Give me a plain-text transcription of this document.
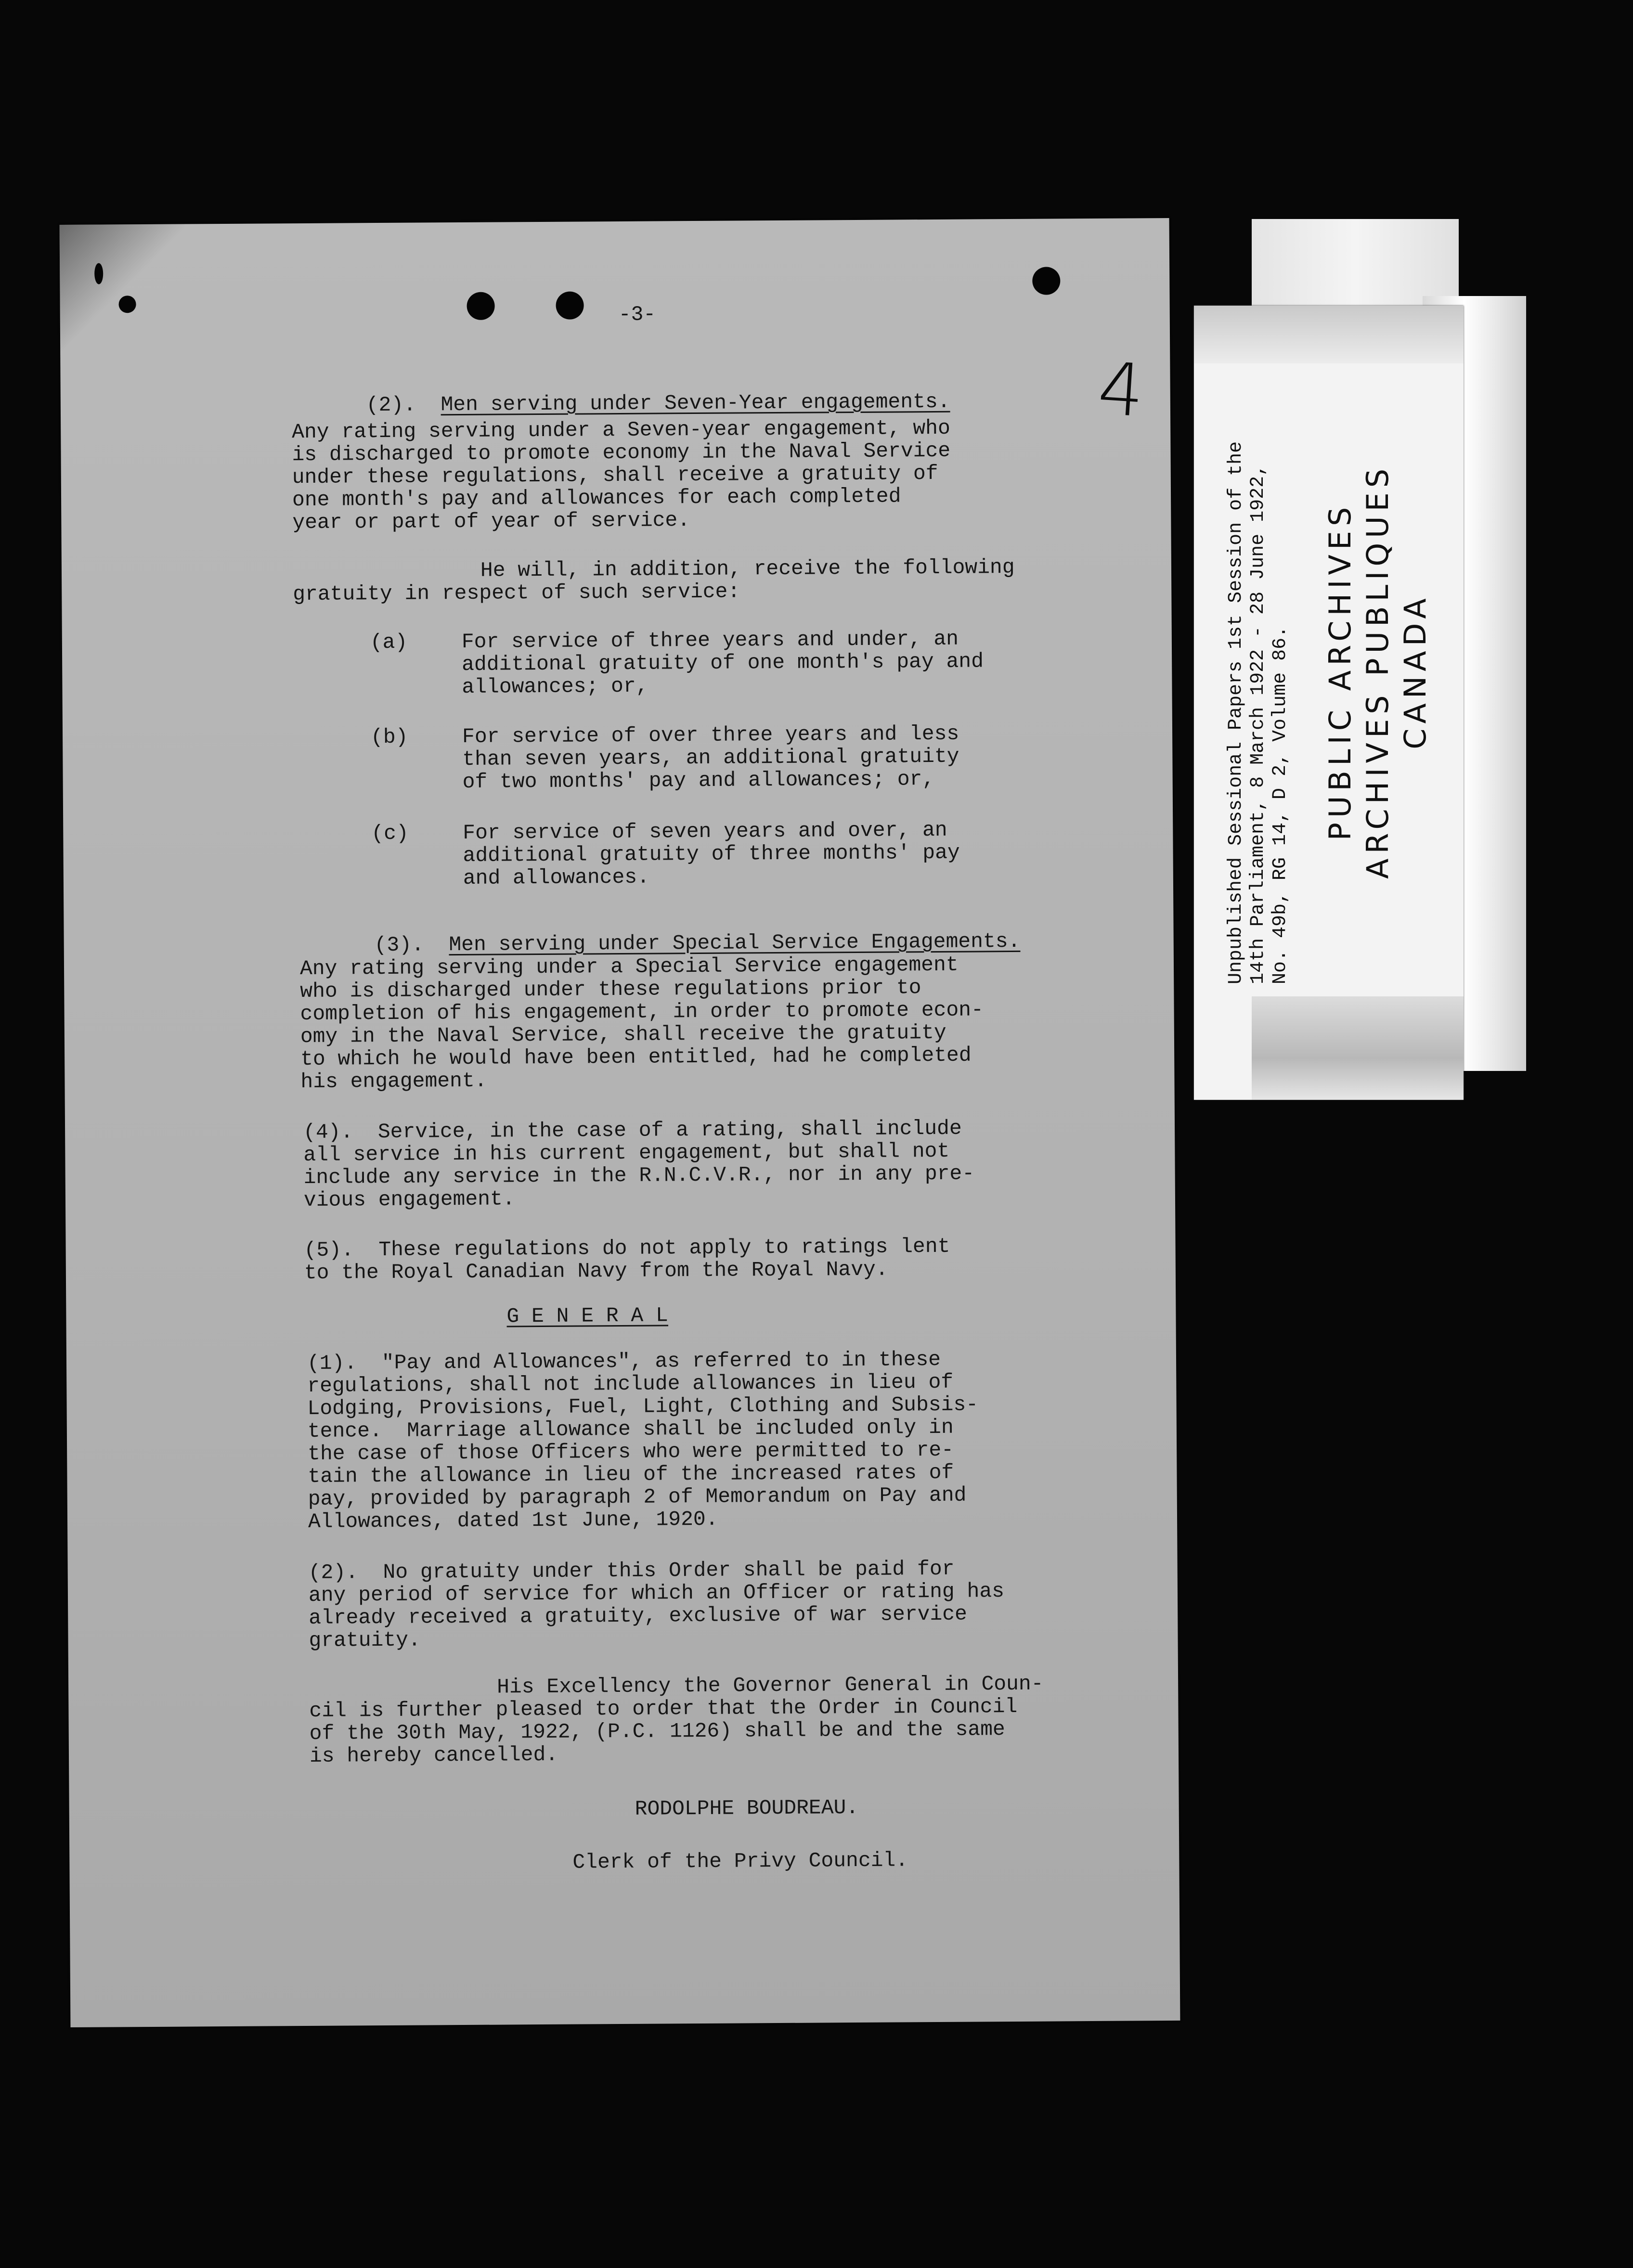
Unpublished Sessional Papers 1st Session of the 14th Parliament, 8 March 1922 - 28 June 1922, No. 49b, RG 14, D 2, Volume 86. PUBLIC ARCHIVES ARCHIVES PUBLIQUES CANADA
4
-3-

(2). Men serving under Seven-Year engagements.

Any rating serving under a Seven-year engagement, who
is discharged to promote economy in the Naval Service
under these regulations, shall receive a gratuity of
one month's pay and allowances for each completed
year or part of year of service.
He will, in addition, receive the following
gratuity in respect of such service:
(a)	For service of three years and under, an
additional gratuity of one month's pay and
allowances; or,
(b)	For service of over three years and less
than seven years, an additional gratuity
of two months' pay and allowances; or,
(c)	For service of seven years and over, an
additional gratuity of three months' pay
and allowances.

(3). Men serving under Special Service Engagements.

Any rating serving under a Special Service engagement
who is discharged under these regulations prior to
completion of his engagement, in order to promote econ-
omy in the Naval Service, shall receive the gratuity
to which he would have been entitled, had he completed
his engagement.
(4).  Service, in the case of a rating, shall include
all service in his current engagement, but shall not
include any service in the R.N.C.V.R., nor in any pre-
vious engagement.
(5).  These regulations do not apply to ratings lent
to the Royal Canadian Navy from the Royal Navy.
G E N E R A L
(1).  "Pay and Allowances", as referred to in these
regulations, shall not include allowances in lieu of
Lodging, Provisions, Fuel, Light, Clothing and Subsis-
tence.  Marriage allowance shall be included only in
the case of those Officers who were permitted to re-
tain the allowance in lieu of the increased rates of
pay, provided by paragraph 2 of Memorandum on Pay and
Allowances, dated 1st June, 1920.
(2).  No gratuity under this Order shall be paid for
any period of service for which an Officer or rating has
already received a gratuity, exclusive of war service
gratuity.
His Excellency the Governor General in Coun-
cil is further pleased to order that the Order in Council
of the 30th May, 1922, (P.C. 1126) shall be and the same
is hereby cancelled.
RODOLPHE BOUDREAU.
Clerk of the Privy Council.
